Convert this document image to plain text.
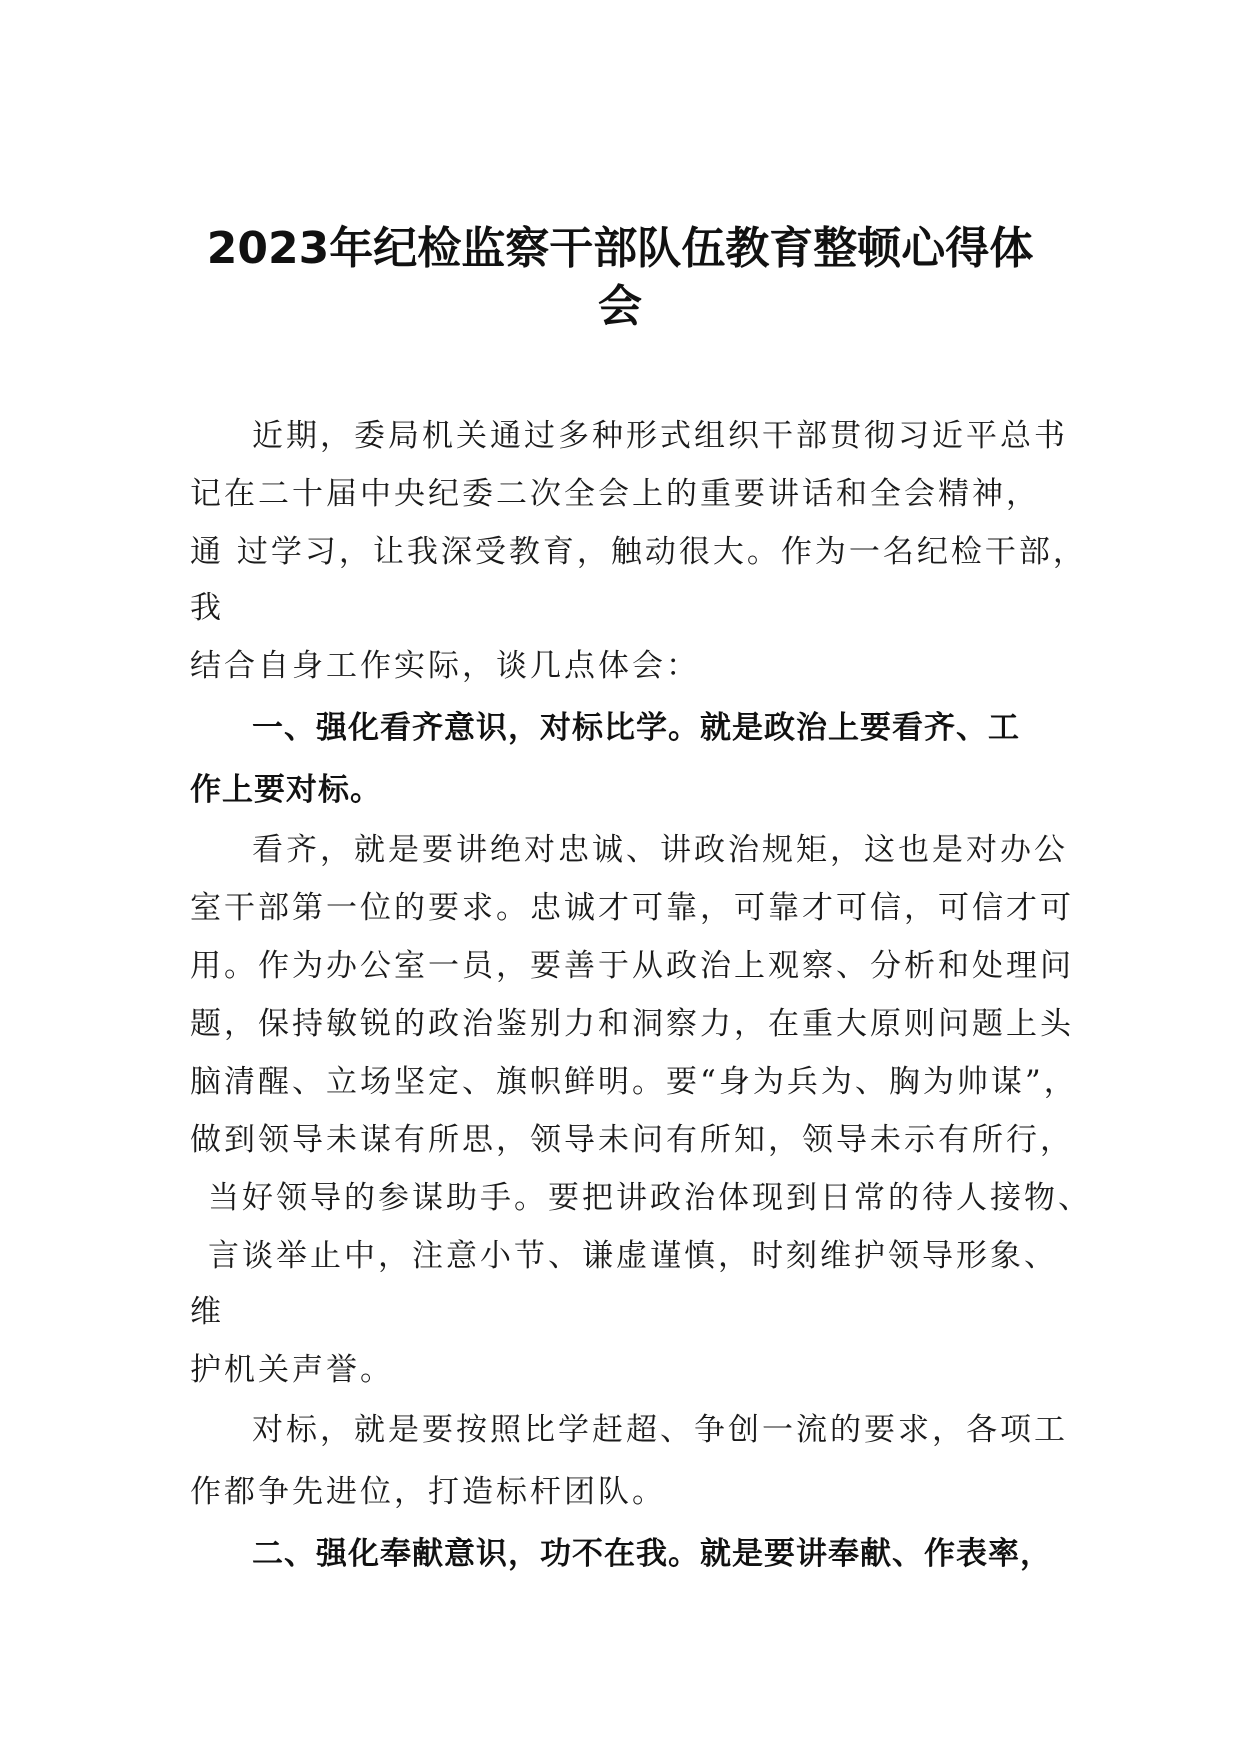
2023年纪检监察干部队伍教育整顿心得体
会

近期，委局机关通过多种形式组织干部贯彻习近平总书

记在二十届中央纪委二次全会上的重要讲话和全会精神，

通 过学习，让我深受教育，触动很大。作为一名纪检干部，

我

结合自身工作实际，谈几点体会：

一、强化看齐意识，对标比学。就是政治上要看齐、工

作上要对标。

看齐，就是要讲绝对忠诚、讲政治规矩，这也是对办公

室干部第一位的要求。忠诚才可靠，可靠才可信，可信才可

用。作为办公室一员，要善于从政治上观察、分析和处理问

题，保持敏锐的政治鉴别力和洞察力，在重大原则问题上头

脑清醒、立场坚定、旗帜鲜明。要“身为兵为、胸为帅谋”，

做到领导未谋有所思，领导未问有所知，领导未示有所行，

当好领导的参谋助手。要把讲政治体现到日常的待人接物、

言谈举止中，注意小节、谦虚谨慎，时刻维护领导形象、

维

护机关声誉。

对标，就是要按照比学赶超、争创一流的要求，各项工

作都争先进位，打造标杆团队。

二、强化奉献意识，功不在我。就是要讲奉献、作表率，
